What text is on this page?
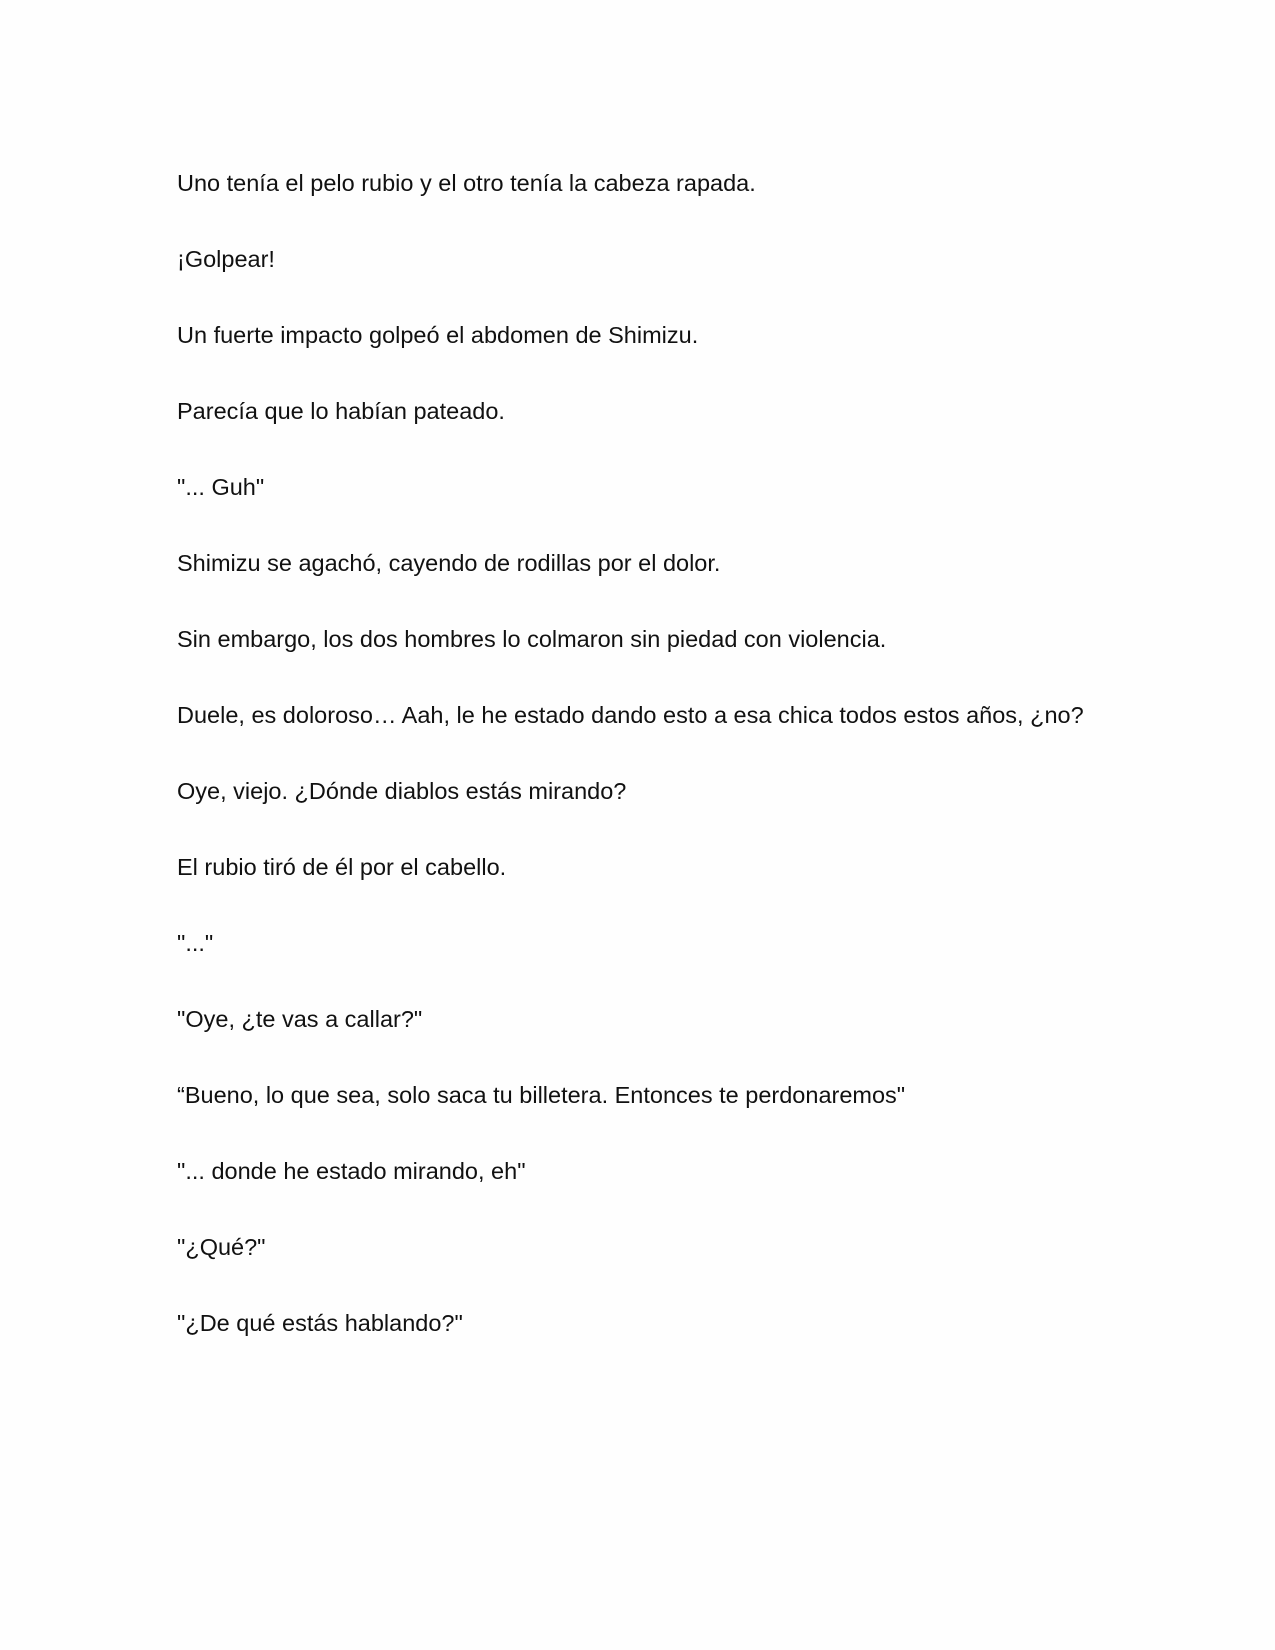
Uno tenía el pelo rubio y el otro tenía la cabeza rapada.

¡Golpear!

Un fuerte impacto golpeó el abdomen de Shimizu.

Parecía que lo habían pateado.

"... Guh"

Shimizu se agachó, cayendo de rodillas por el dolor.

Sin embargo, los dos hombres lo colmaron sin piedad con violencia.

Duele, es doloroso… Aah, le he estado dando esto a esa chica todos estos años, ¿no?

Oye, viejo. ¿Dónde diablos estás mirando?

El rubio tiró de él por el cabello.

"..."

"Oye, ¿te vas a callar?"

“Bueno, lo que sea, solo saca tu billetera. Entonces te perdonaremos"

"... donde he estado mirando, eh"

"¿Qué?"

"¿De qué estás hablando?"
